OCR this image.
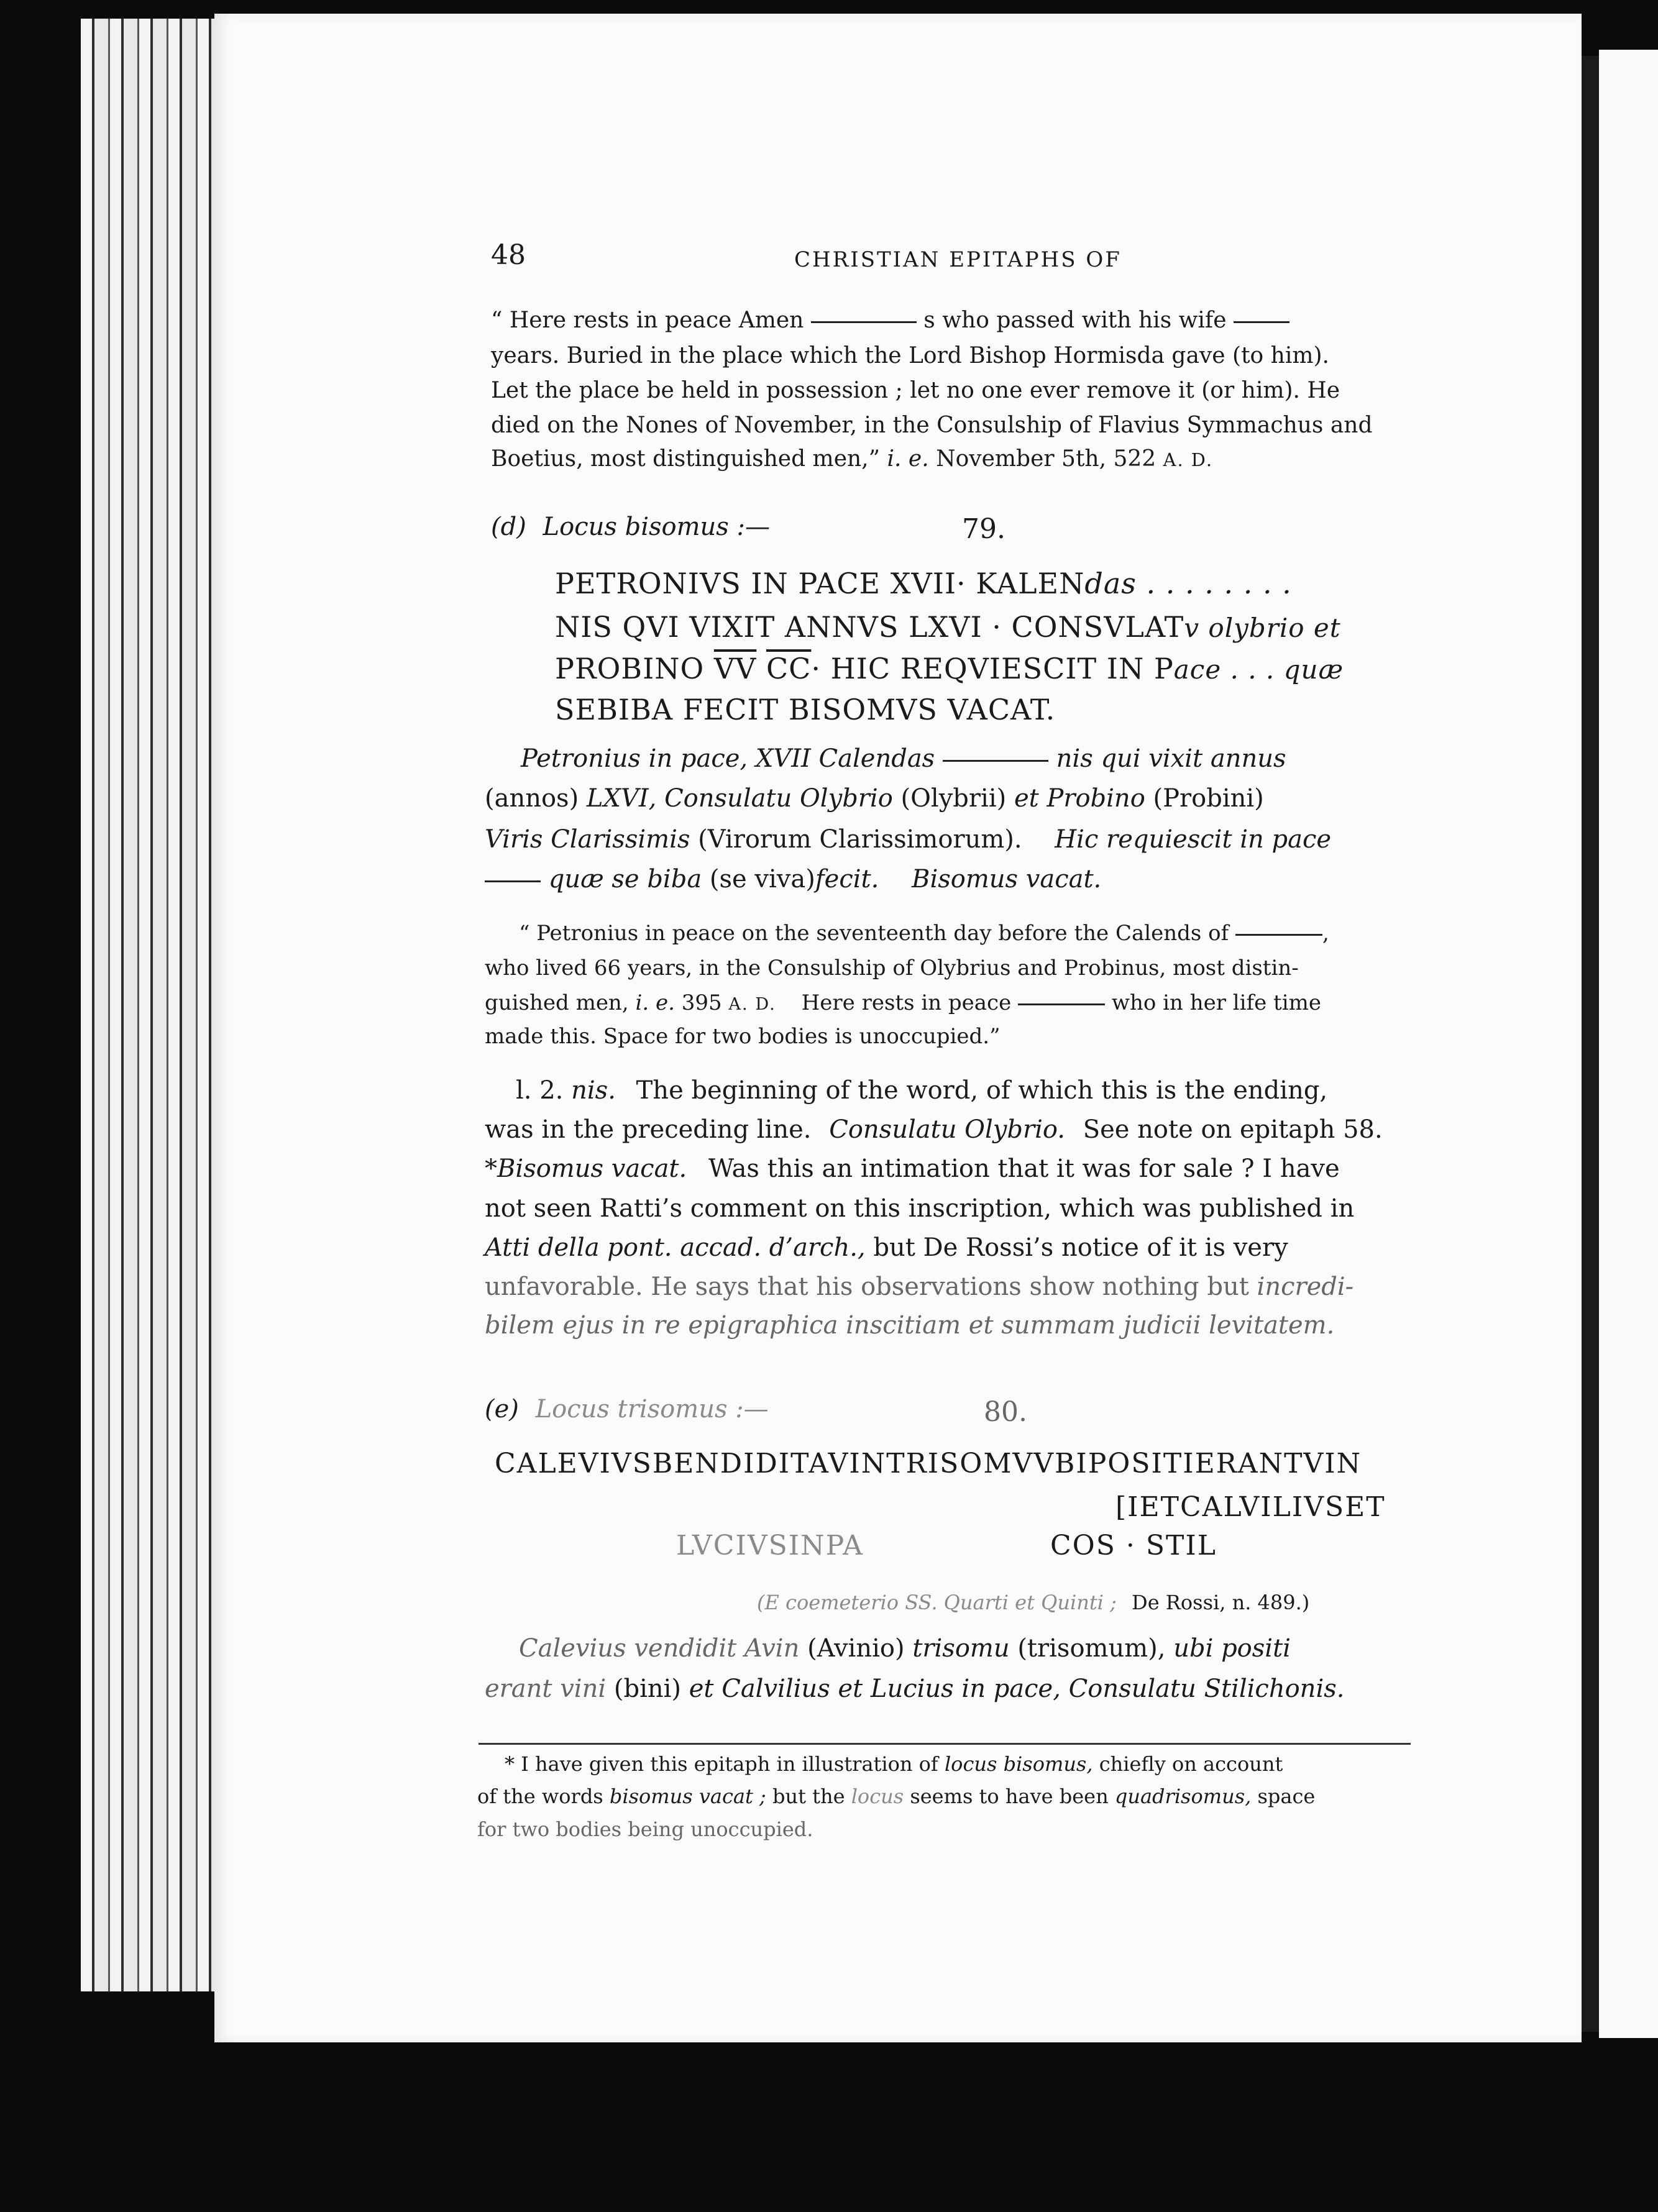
48	CHRISTIAN EPITAPHS OF
“ Here rests in peace Amen	s who passed with his wife
years. Buried in the place which the Lord Bishop Hormisda gave (to him).
Let the place be held in possession ; let no one ever remove it (or him). He
died on the Nones of November, in the Consulship of Flavius Symmachus and
Boetius, most distinguished men,” i. e. November 5th, 522 A. D.
(d) Locus bisomus :—	79.
PETRONIVS IN PACE XVII· KALENdas . . . . . . . .
NIS QVI VIXIT ANNVS LXVI · CONSVLATv olybrio et
PROBINO $\overline{VV}$ $\overline{CC}\cdot$ HIC REQVIESCIT IN Pace . . . quæ
SEBIBA FECIT BISOMVS VACAT.
Petronius in pace, XVII Calendas	nis qui vixit annus
(annos) LXVI, Consulatu Olybrio (Olybrii) et Probino (Probini)
Viris Clarissimis (Virorum Clarissimorum). Hic requiescit in pace
quæ se biba (se viva)fecit. Bisomus vacat.
“ Petronius in peace on the seventeenth day before the Calends of	,
who lived 66 years, in the Consulship of Olybrius and Probinus, most distin-
guished men, i. e. 395 A. D. Here rests in peace	who in her life time
made this. Space for two bodies is unoccupied.”
l. 2. nis. The beginning of the word, of which this is the ending,
was in the preceding line. Consulatu Olybrio. See note on epitaph 58.
*Bisomus vacat. Was this an intimation that it was for sale ? I have
not seen Ratti’s comment on this inscription, which was published in
Atti della pont. accad. d’arch., but De Rossi’s notice of it is very
unfavorable. He says that his observations show nothing but incredi-
bilem ejus in re epigraphica inscitiam et summam judicii levitatem.
(e) Locus trisomus :—	80.
CALEVIVSBENDIDITAVINTRISOMVVBIPOSITIERANTVIN
[IETCALVILIVSET
LVCIVSINPA	COS · STIL
(E coemeterio SS. Quarti et Quinti ; De Rossi, n. 489.)
Calevius vendidit Avin (Avinio) trisomu (trisomum), ubi positi
erant vini (bini) et Calvilius et Lucius in pace, Consulatu Stilichonis.
* I have given this epitaph in illustration of locus bisomus, chiefly on account
of the words bisomus vacat ; but the locus seems to have been quadrisomus, space
for two bodies being unoccupied.
